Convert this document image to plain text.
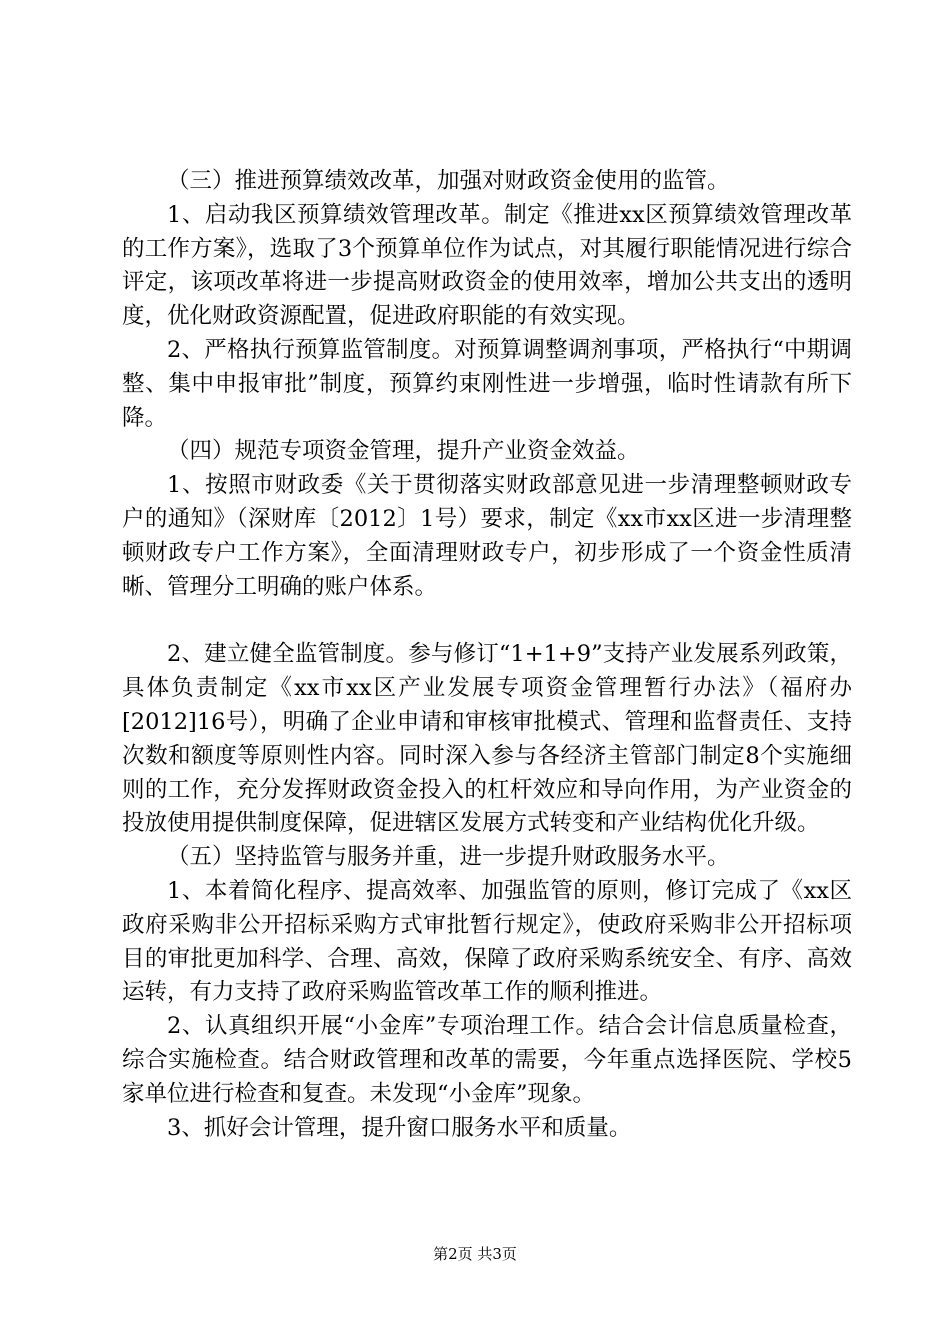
（三）推进预算绩效改革，加强对财政资金使用的监管。

1、启动我区预算绩效管理改革。制定《推进xx区预算绩效管理改革的工作方案》，选取了3个预算单位作为试点，对其履行职能情况进行综合评定，该项改革将进一步提高财政资金的使用效率，增加公共支出的透明度，优化财政资源配置，促进政府职能的有效实现。

2、严格执行预算监管制度。对预算调整调剂事项，严格执行“中期调整、集中申报审批”制度，预算约束刚性进一步增强，临时性请款有所下降。

（四）规范专项资金管理，提升产业资金效益。

1、按照市财政委《关于贯彻落实财政部意见进一步清理整顿财政专户的通知》（深财库〔2012〕1号）要求，制定《xx市xx区进一步清理整顿财政专户工作方案》，全面清理财政专户，初步形成了一个资金性质清晰、管理分工明确的账户体系。

2、建立健全监管制度。参与修订“1+1+9”支持产业发展系列政策，具体负责制定《xx市xx区产业发展专项资金管理暂行办法》（福府办[2012]16号），明确了企业申请和审核审批模式、管理和监督责任、支持次数和额度等原则性内容。同时深入参与各经济主管部门制定8个实施细则的工作，充分发挥财政资金投入的杠杆效应和导向作用，为产业资金的投放使用提供制度保障，促进辖区发展方式转变和产业结构优化升级。

（五）坚持监管与服务并重，进一步提升财政服务水平。

1、本着简化程序、提高效率、加强监管的原则，修订完成了《xx区政府采购非公开招标采购方式审批暂行规定》，使政府采购非公开招标项目的审批更加科学、合理、高效，保障了政府采购系统安全、有序、高效运转，有力支持了政府采购监管改革工作的顺利推进。

2、认真组织开展“小金库”专项治理工作。结合会计信息质量检查，综合实施检查。结合财政管理和改革的需要，今年重点选择医院、学校5家单位进行检查和复查。未发现“小金库”现象。

3、抓好会计管理，提升窗口服务水平和质量。

第2页 共3页
